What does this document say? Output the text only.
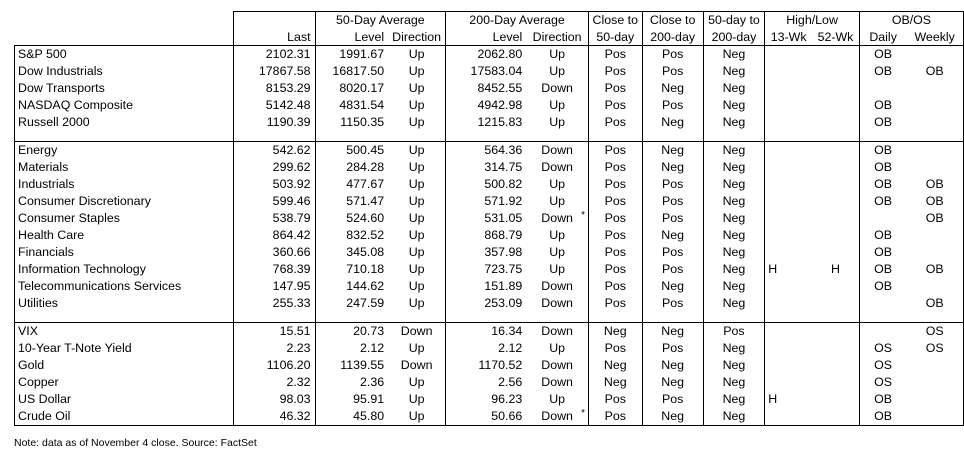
		50-Day Average		200-Day Average		Close to	Close to	50-day to	High/Low		OB/OS	
	Last	Level	Direction	Level	Direction	50-day	200-day	200-day	13-Wk	52-Wk	Daily	Weekly
S&P 500	2102.31	1991.67	Up	2062.80	Up	Pos	Pos	Neg			OB	
Dow Industrials	17867.58	16817.50	Up	17583.04	Up	Pos	Pos	Neg			OB	OB
Dow Transports	8153.29	8020.17	Up	8452.55	Down	Pos	Neg	Neg				
NASDAQ Composite	5142.48	4831.54	Up	4942.98	Up	Pos	Pos	Neg			OB	
Russell 2000	1190.39	1150.35	Up	1215.83	Up	Pos	Neg	Neg			OB	

Energy	542.62	500.45	Up	564.36	Down	Pos	Neg	Neg			OB	
Materials	299.62	284.28	Up	314.75	Down	Pos	Neg	Neg			OB	
Industrials	503.92	477.67	Up	500.82	Up	Pos	Pos	Neg			OB	OB
Consumer Discretionary	599.46	571.47	Up	571.92	Up	Pos	Pos	Neg			OB	OB
Consumer Staples	538.79	524.60	Up	531.05	Down *	Pos	Pos	Neg				OB
Health Care	864.42	832.52	Up	868.79	Up	Pos	Neg	Neg			OB	
Financials	360.66	345.08	Up	357.98	Up	Pos	Pos	Neg			OB	
Information Technology	768.39	710.18	Up	723.75	Up	Pos	Pos	Neg	H	H	OB	OB
Telecommunications Services	147.95	144.62	Up	151.89	Down	Pos	Neg	Neg			OB	
Utilities	255.33	247.59	Up	253.09	Down	Pos	Pos	Neg				OB

VIX	15.51	20.73	Down	16.34	Down	Neg	Neg	Pos				OS
10-Year T-Note Yield	2.23	2.12	Up	2.12	Up	Pos	Pos	Neg			OS	OS
Gold	1106.20	1139.55	Down	1170.52	Down	Neg	Neg	Neg			OS	
Copper	2.32	2.36	Up	2.56	Down	Neg	Neg	Neg			OS	
US Dollar	98.03	95.91	Up	96.23	Up	Pos	Pos	Neg	H		OB	
Crude Oil	46.32	45.80	Up	50.66	Down *	Pos	Neg	Neg			OB	
Note: data as of November 4 close. Source: FactSet
